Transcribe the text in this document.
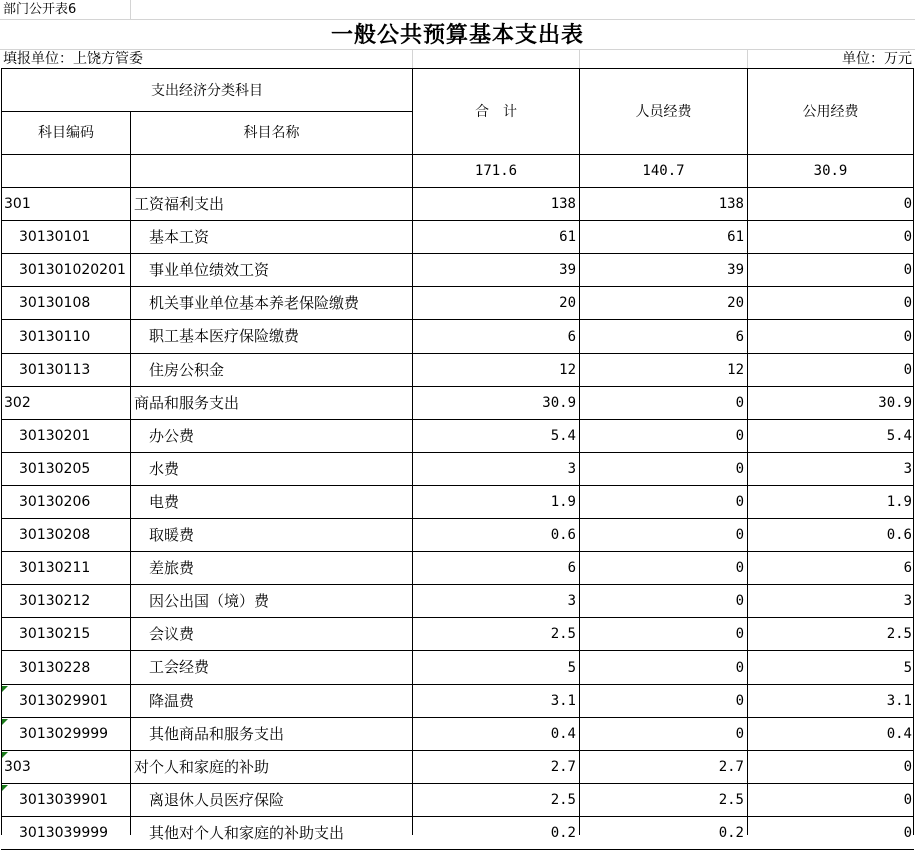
部门公开表6
一般公共预算基本支出表
填报单位：上饶方管委	单位：万元
支出经济分类科目
科目编码	科目名称
合　计	人员经费	公用经费
171.6	140.7	30.9
301	工资福利支出	138	138	0
30130101	基本工资	61	61	0
301301020201 事业单位绩效工资	39	39	0
30130108	机关事业单位基本养老保险缴费	20	20	0
30130110	职工基本医疗保险缴费	6	6	0
30130113	住房公积金	12	12	0
302	商品和服务支出	30.9	0	30.9
30130201	办公费	5.4	0	5.4
30130205	水费	3	0	3
30130206	电费	1.9	0	1.9
30130208	取暖费	0.6	0	0.6
30130211	差旅费	6	0	6
30130212	因公出国（境）费	3	0	3
30130215	会议费	2.5	0	2.5
30130228	工会经费	5	0	5
3013029901	降温费	3.1	0	3.1
3013029999	其他商品和服务支出	0.4	0	0.4
303	对个人和家庭的补助	2.7	2.7	0
3013039901	离退休人员医疗保险	2.5	2.5	0
3013039999	其他对个人和家庭的补助支出	0.2	0.2	0
